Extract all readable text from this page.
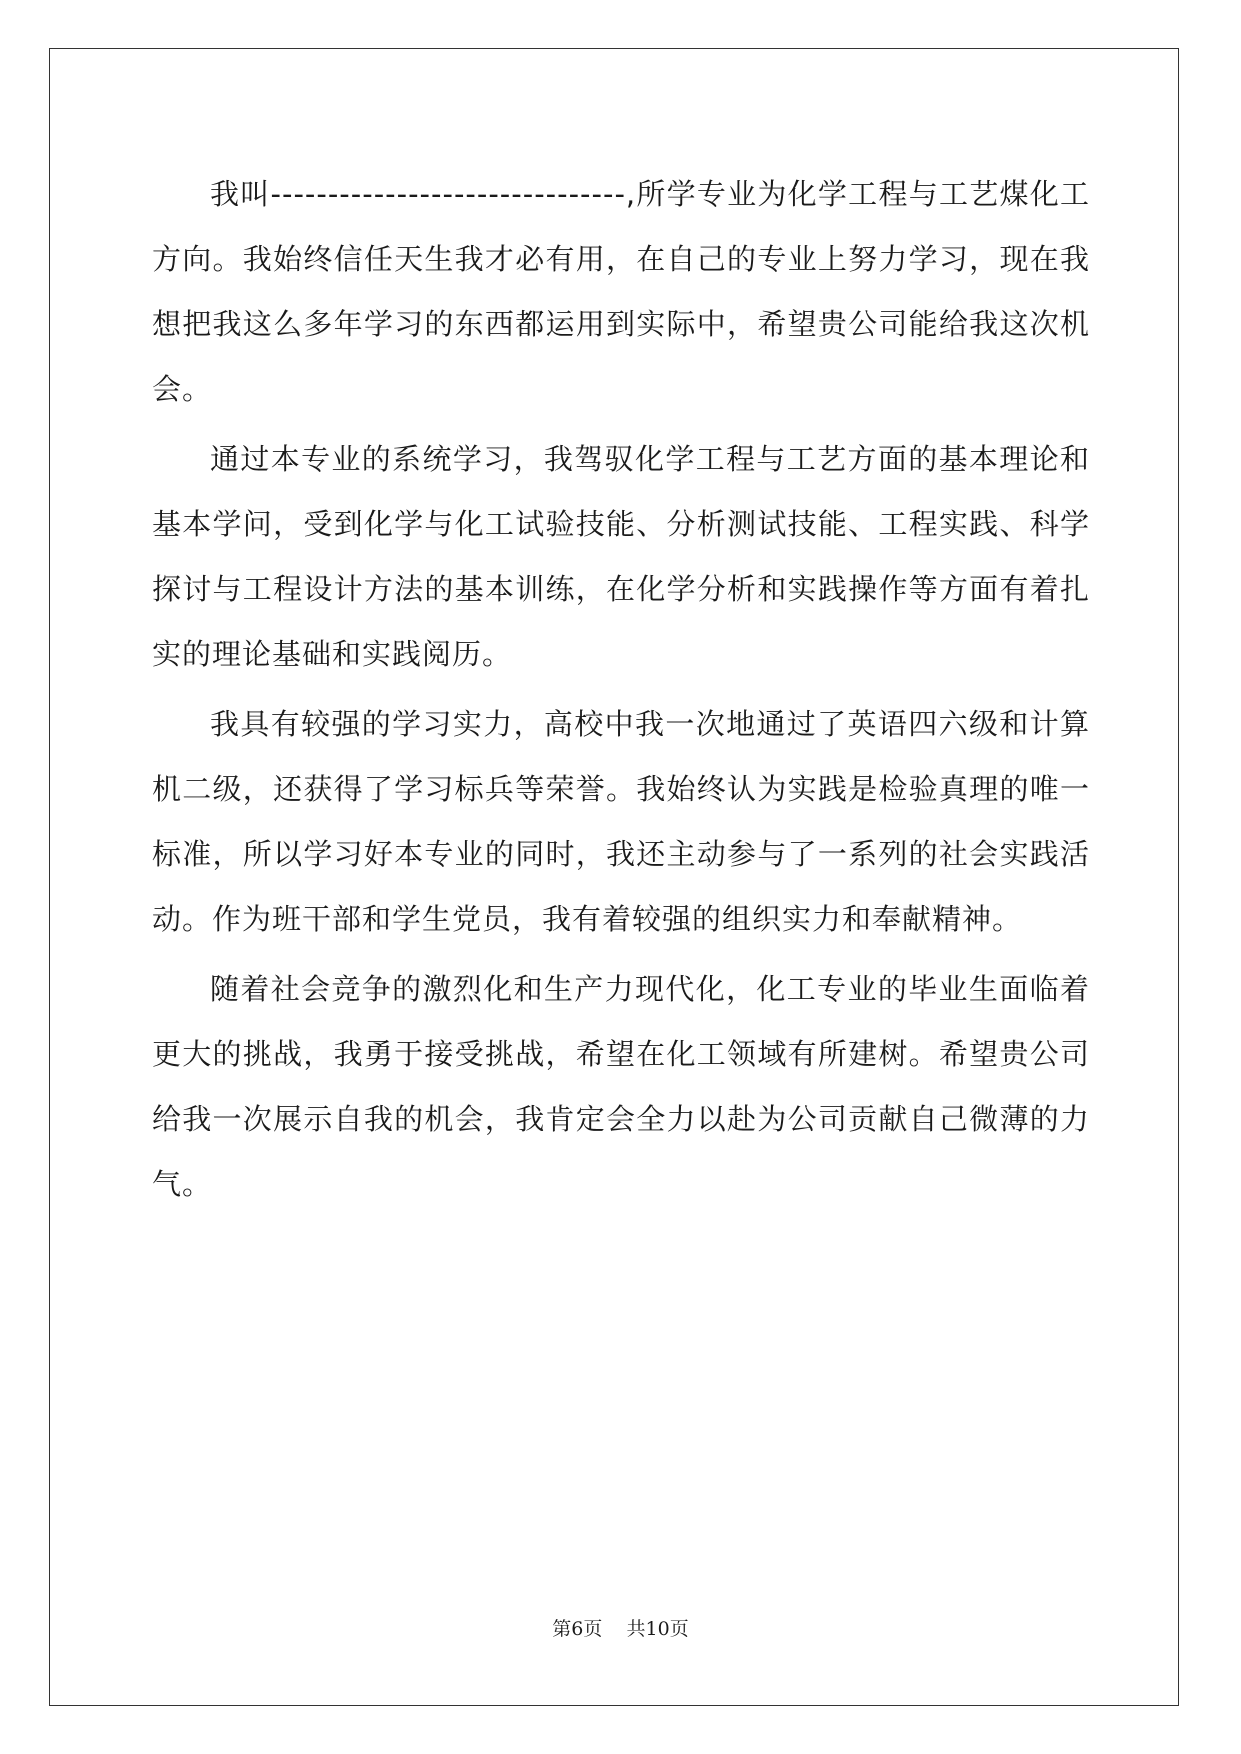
我叫-------------------------------,所学专业为化学工程与工艺煤化工方向。我始终信任天生我才必有用，在自己的专业上努力学习，现在我想把我这么多年学习的东西都运用到实际中，希望贵公司能给我这次机会。

通过本专业的系统学习，我驾驭化学工程与工艺方面的基本理论和基本学问，受到化学与化工试验技能、分析测试技能、工程实践、科学探讨与工程设计方法的基本训练，在化学分析和实践操作等方面有着扎实的理论基础和实践阅历。

我具有较强的学习实力，高校中我一次地通过了英语四六级和计算机二级，还获得了学习标兵等荣誉。我始终认为实践是检验真理的唯一标准，所以学习好本专业的同时，我还主动参与了一系列的社会实践活动。作为班干部和学生党员，我有着较强的组织实力和奉献精神。

随着社会竞争的激烈化和生产力现代化，化工专业的毕业生面临着更大的挑战，我勇于接受挑战，希望在化工领域有所建树。希望贵公司给我一次展示自我的机会，我肯定会全力以赴为公司贡献自己微薄的力气。

第6页 共10页
